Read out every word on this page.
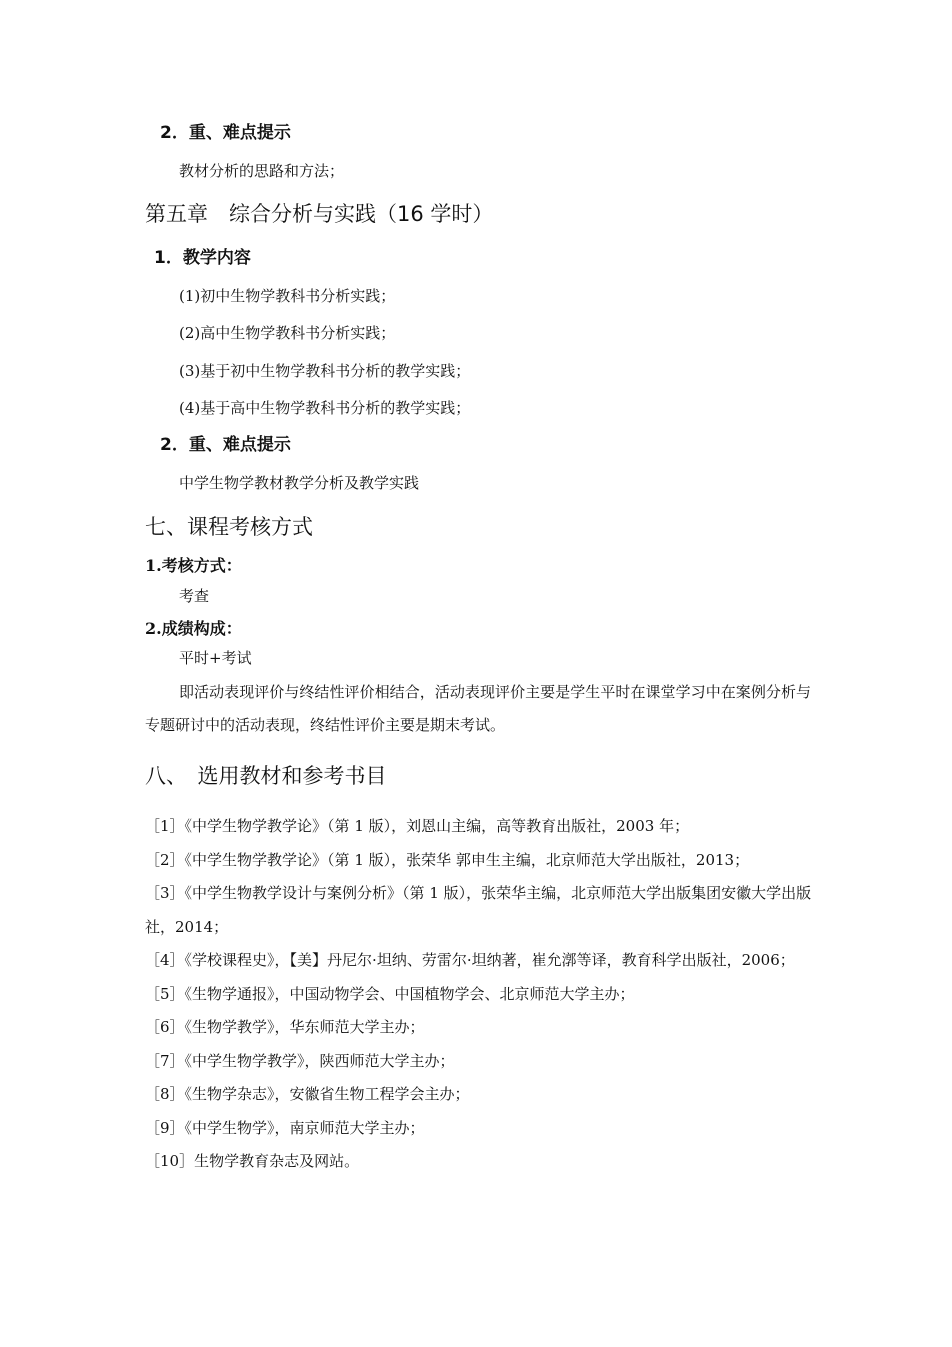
2．重、难点提示
教材分析的思路和方法；
第五章　综合分析与实践（16 学时）
1．教学内容
(1)初中生物学教科书分析实践；
(2)高中生物学教科书分析实践；
(3)基于初中生物学教科书分析的教学实践；
(4)基于高中生物学教科书分析的教学实践；
2．重、难点提示
中学生物学教材教学分析及教学实践
七、课程考核方式
1.考核方式：
考查
2.成绩构成：
平时+考试
即活动表现评价与终结性评价相结合，活动表现评价主要是学生平时在课堂学习中在案例分析与专题研讨中的活动表现，终结性评价主要是期末考试。
八、　选用教材和参考书目
［1］《中学生物学教学论》（第 1 版），刘恩山主编，高等教育出版社，2003 年；
［2］《中学生物学教学论》（第 1 版），张荣华 郭申生主编，北京师范大学出版社，2013；
［3］《中学生物教学设计与案例分析》（第 1 版），张荣华主编，北京师范大学出版集团安徽大学出版社，2014；
［4］《学校课程史》，【美】丹尼尔·坦纳、劳雷尔·坦纳著，崔允漷等译，教育科学出版社，2006；
［5］《生物学通报》，中国动物学会、中国植物学会、北京师范大学主办；
［6］《生物学教学》，华东师范大学主办；
［7］《中学生物学教学》，陕西师范大学主办；
［8］《生物学杂志》，安徽省生物工程学会主办；
［9］《中学生物学》，南京师范大学主办；
［10］生物学教育杂志及网站。
